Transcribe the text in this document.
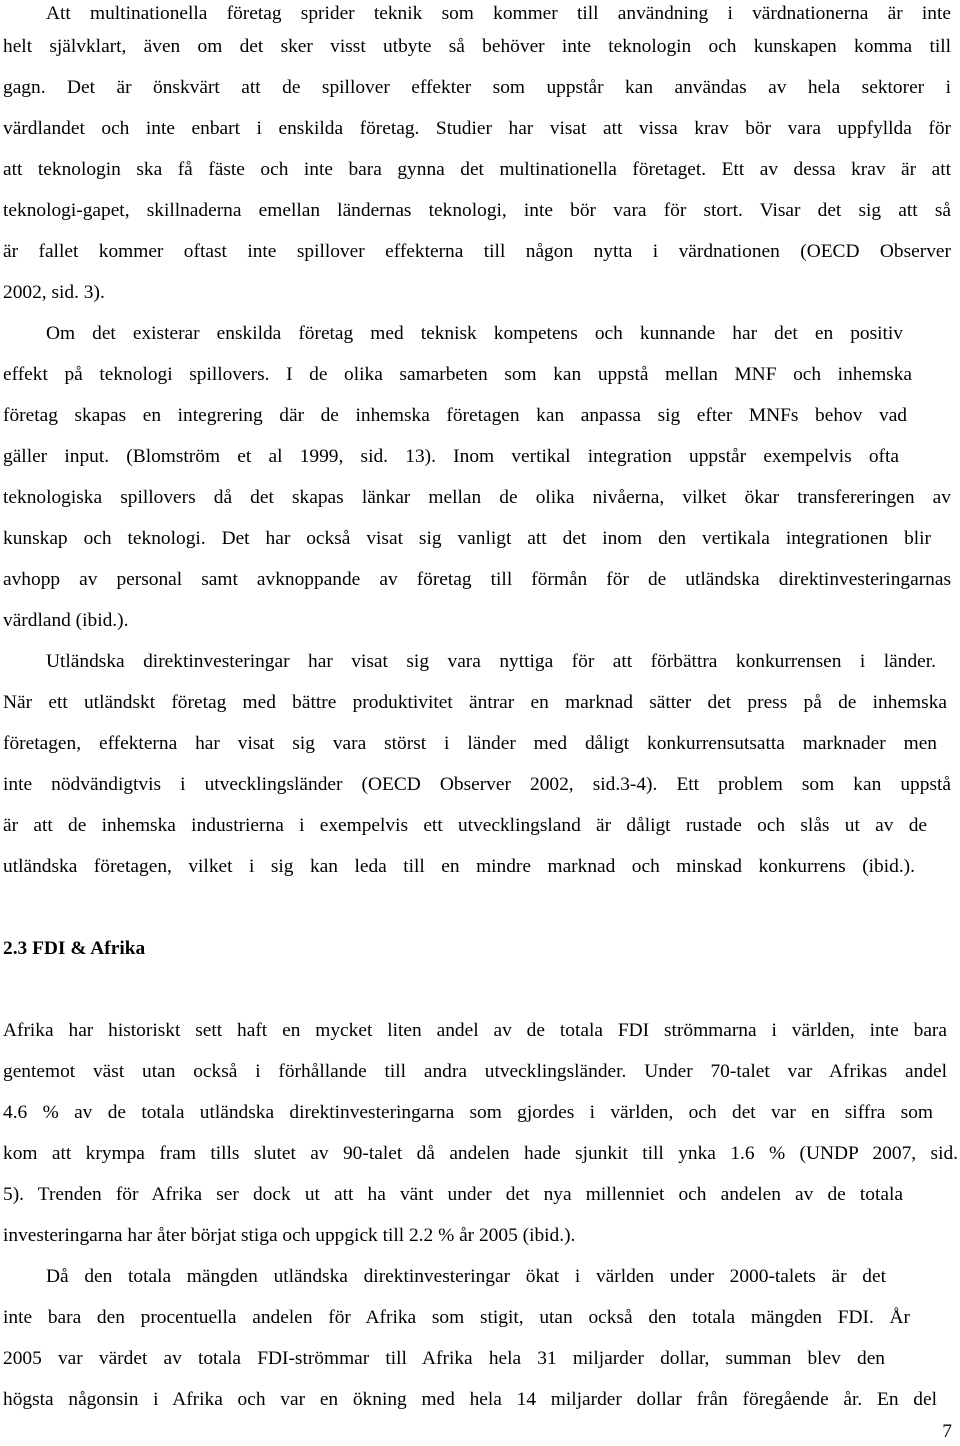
Att multinationella företag sprider teknik som kommer till användning i värdnationerna är inte
helt självklart, även om det sker visst utbyte så behöver inte teknologin och kunskapen komma till
gagn. Det är önskvärt att de spillover effekter som uppstår kan användas av hela sektorer i
värdlandet och inte enbart i enskilda företag. Studier har visat att vissa krav bör vara uppfyllda för
att teknologin ska få fäste och inte bara gynna det multinationella företaget. Ett av dessa krav är att
teknologi-gapet, skillnaderna emellan ländernas teknologi, inte bör vara för stort. Visar det sig att så
är fallet kommer oftast inte spillover effekterna till någon nytta i värdnationen (OECD Observer
2002, sid. 3).
Om det existerar enskilda företag med teknisk kompetens och kunnande har det en positiv
effekt på teknologi spillovers. I de olika samarbeten som kan uppstå mellan MNF och inhemska
företag skapas en integrering där de inhemska företagen kan anpassa sig efter MNFs behov vad
gäller input. (Blomström et al 1999, sid. 13). Inom vertikal integration uppstår exempelvis ofta
teknologiska spillovers då det skapas länkar mellan de olika nivåerna, vilket ökar transfereringen av
kunskap och teknologi. Det har också visat sig vanligt att det inom den vertikala integrationen blir
avhopp av personal samt avknoppande av företag till förmån för de utländska direktinvesteringarnas
värdland (ibid.).
Utländska direktinvesteringar har visat sig vara nyttiga för att förbättra konkurrensen i länder.
När ett utländskt företag med bättre produktivitet äntrar en marknad sätter det press på de inhemska
företagen, effekterna har visat sig vara störst i länder med dåligt konkurrensutsatta marknader men
inte nödvändigtvis i utvecklingsländer (OECD Observer 2002, sid.3-4). Ett problem som kan uppstå
är att de inhemska industrierna i exempelvis ett utvecklingsland är dåligt rustade och slås ut av de
utländska företagen, vilket i sig kan leda till en mindre marknad och minskad konkurrens (ibid.).
2.3 FDI & Afrika
Afrika har historiskt sett haft en mycket liten andel av de totala FDI strömmarna i världen, inte bara
gentemot väst utan också i förhållande till andra utvecklingsländer. Under 70-talet var Afrikas andel
4.6 % av de totala utländska direktinvesteringarna som gjordes i världen, och det var en siffra som
kom att krympa fram tills slutet av 90-talet då andelen hade sjunkit till ynka 1.6 % (UNDP 2007, sid.
5). Trenden för Afrika ser dock ut att ha vänt under det nya millenniet och andelen av de totala
investeringarna har åter börjat stiga och uppgick till 2.2 % år 2005 (ibid.).
Då den totala mängden utländska direktinvesteringar ökat i världen under 2000-talets är det
inte bara den procentuella andelen för Afrika som stigit, utan också den totala mängden FDI. År
2005 var värdet av totala FDI-strömmar till Afrika hela 31 miljarder dollar, summan blev den
högsta någonsin i Afrika och var en ökning med hela 14 miljarder dollar från föregående år. En del
7
